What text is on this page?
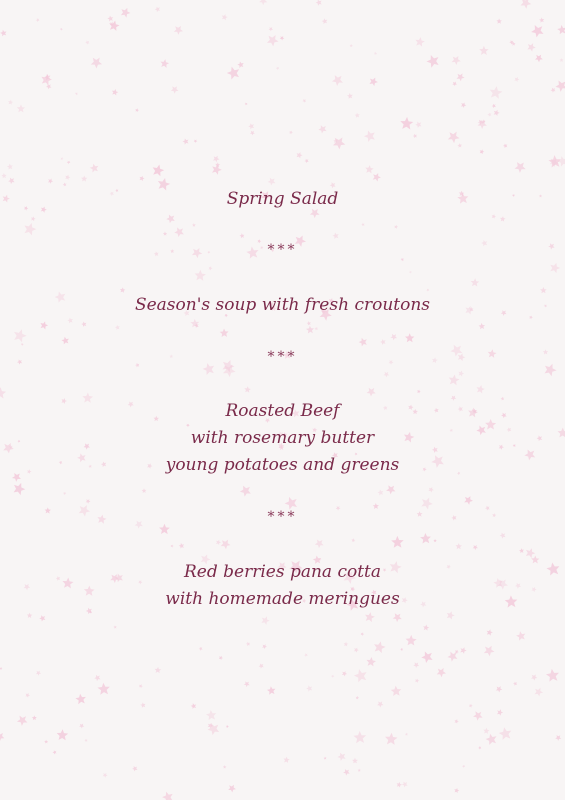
Spring Salad
***
Season's soup with fresh croutons
***
Roasted Beef
with rosemary butter
young potatoes and greens
***
Red berries pana cotta
with homemade meringues
